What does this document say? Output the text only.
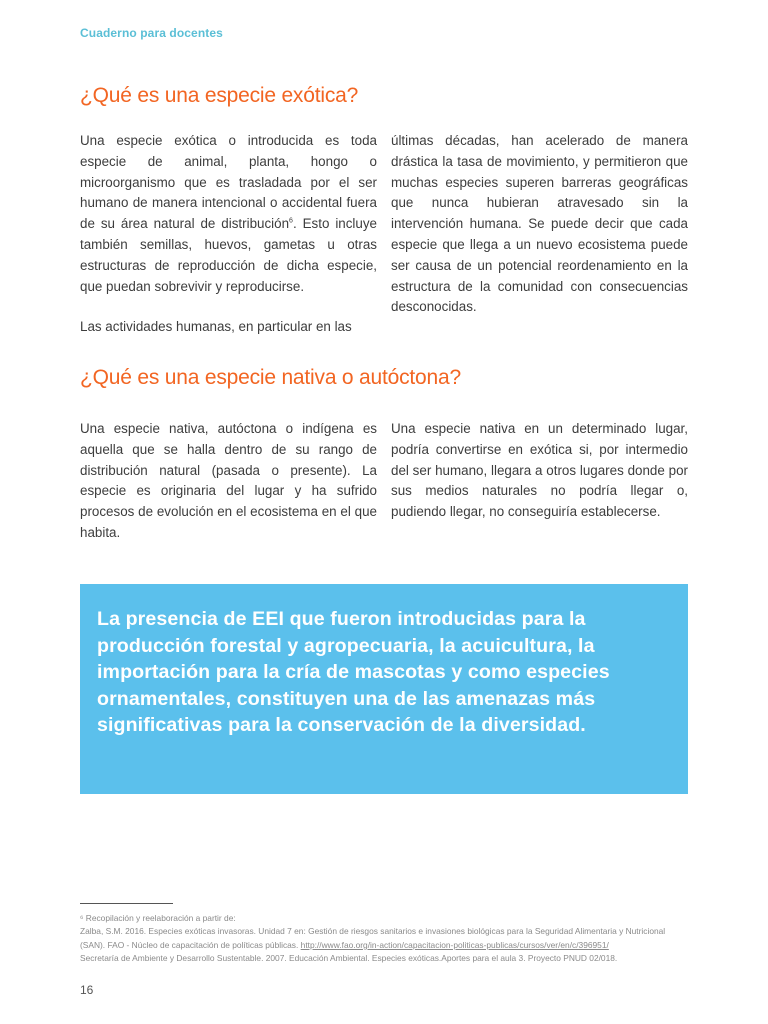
Cuaderno para docentes
¿Qué es una especie exótica?

Una especie exótica o introducida es toda especie de animal, planta, hongo o microorganismo que es trasladada por el ser humano de manera intencional o accidental fuera de su área natural de distribución$^6$. Esto incluye también semillas, huevos, gametas u otras estructuras de reproducción de dicha especie, que puedan sobrevivir y reproducirse.

Las actividades humanas, en particular en las

últimas décadas, han acelerado de manera drástica la tasa de movimiento, y permitieron que muchas especies superen barreras geográficas que nunca hubieran atravesado sin la intervención humana. Se puede decir que cada especie que llega a un nuevo ecosistema puede ser causa de un potencial reordenamiento en la estructura de la comunidad con consecuencias desconocidas.

¿Qué es una especie nativa o autóctona?

Una especie nativa, autóctona o indígena es aquella que se halla dentro de su rango de distribución natural (pasada o presente). La especie es originaria del lugar y ha sufrido procesos de evolución en el ecosistema en el que habita.

Una especie nativa en un determinado lugar, podría convertirse en exótica si, por intermedio del ser humano, llegara a otros lugares donde por sus medios naturales no podría llegar o, pudiendo llegar, no conseguiría establecerse.

La presencia de EEI que fueron introducidas para la producción forestal y agropecuaria, la acuicultura, la importación para la cría de mascotas y como especies ornamentales, constituyen una de las amenazas más significativas para la conservación de la diversidad.

⁶ Recopilación y reelaboración a partir de:
Zalba, S.M. 2016. Especies exóticas invasoras. Unidad 7 en: Gestión de riesgos sanitarios e invasiones biológicas para la Seguridad Alimentaria y Nutricional
(SAN). FAO - Núcleo de capacitación de políticas públicas. http://www.fao.org/in-action/capacitacion-politicas-publicas/cursos/ver/en/c/396951/
Secretaría de Ambiente y Desarrollo Sustentable. 2007. Educación Ambiental. Especies exóticas.Aportes para el aula 3. Proyecto PNUD 02/018.
16
